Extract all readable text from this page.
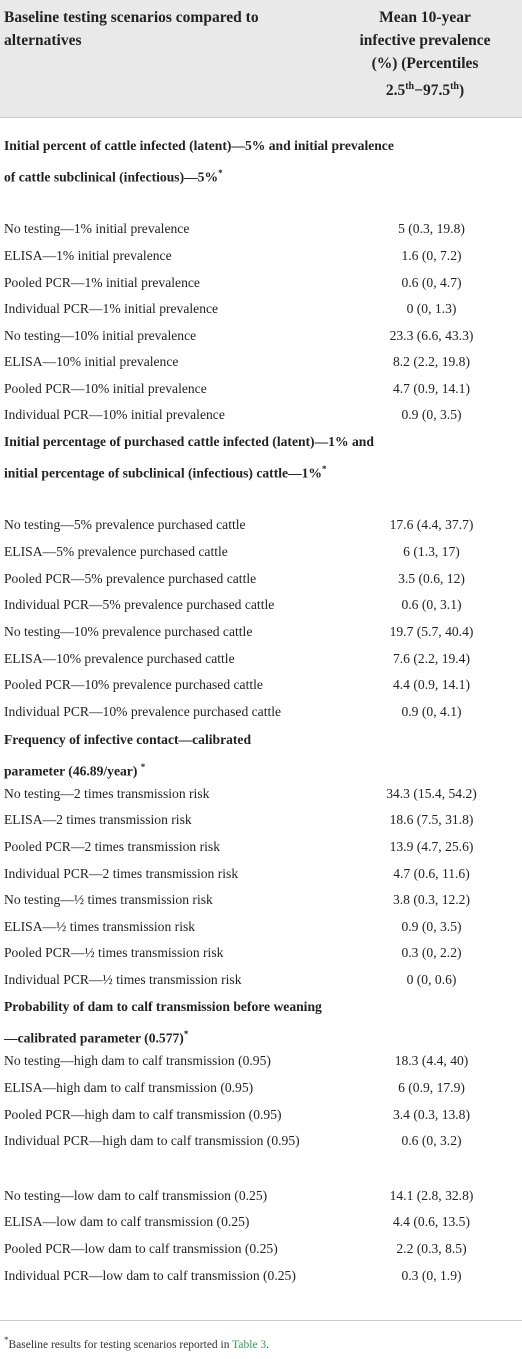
Baseline testing scenarios compared to alternatives
Mean 10-year
infective prevalence
(%) (Percentiles
2.5th−97.5th)
Initial percent of cattle infected (latent)—5% and initial prevalence of cattle subclinical (infectious)—5%*
No testing—1% initial prevalence	5 (0.3, 19.8)
ELISA—1% initial prevalence	1.6 (0, 7.2)
Pooled PCR—1% initial prevalence	0.6 (0, 4.7)
Individual PCR—1% initial prevalence	0 (0, 1.3)
No testing—10% initial prevalence	23.3 (6.6, 43.3)
ELISA—10% initial prevalence	8.2 (2.2, 19.8)
Pooled PCR—10% initial prevalence	4.7 (0.9, 14.1)
Individual PCR—10% initial prevalence	0.9 (0, 3.5)
Initial percentage of purchased cattle infected (latent)—1% and initial percentage of subclinical (infectious) cattle—1%*
No testing—5% prevalence purchased cattle	17.6 (4.4, 37.7)
ELISA—5% prevalence purchased cattle	6 (1.3, 17)
Pooled PCR—5% prevalence purchased cattle	3.5 (0.6, 12)
Individual PCR—5% prevalence purchased cattle	0.6 (0, 3.1)
No testing—10% prevalence purchased cattle	19.7 (5.7, 40.4)
ELISA—10% prevalence purchased cattle	7.6 (2.2, 19.4)
Pooled PCR—10% prevalence purchased cattle	4.4 (0.9, 14.1)
Individual PCR—10% prevalence purchased cattle	0.9 (0, 4.1)
Frequency of infective contact—calibrated parameter (46.89/year) *
No testing—2 times transmission risk	34.3 (15.4, 54.2)
ELISA—2 times transmission risk	18.6 (7.5, 31.8)
Pooled PCR—2 times transmission risk	13.9 (4.7, 25.6)
Individual PCR—2 times transmission risk	4.7 (0.6, 11.6)
No testing—½ times transmission risk	3.8 (0.3, 12.2)
ELISA—½ times transmission risk	0.9 (0, 3.5)
Pooled PCR—½ times transmission risk	0.3 (0, 2.2)
Individual PCR—½ times transmission risk	0 (0, 0.6)
Probability of dam to calf transmission before weaning—calibrated parameter (0.577)*
No testing—high dam to calf transmission (0.95)	18.3 (4.4, 40)
ELISA—high dam to calf transmission (0.95)	6 (0.9, 17.9)
Pooled PCR—high dam to calf transmission (0.95)	3.4 (0.3, 13.8)
Individual PCR—high dam to calf transmission (0.95)	0.6 (0, 3.2)
No testing—low dam to calf transmission (0.25)	14.1 (2.8, 32.8)
ELISA—low dam to calf transmission (0.25)	4.4 (0.6, 13.5)
Pooled PCR—low dam to calf transmission (0.25)	2.2 (0.3, 8.5)
Individual PCR—low dam to calf transmission (0.25)	0.3 (0, 1.9)
*Baseline results for testing scenarios reported in Table 3.
